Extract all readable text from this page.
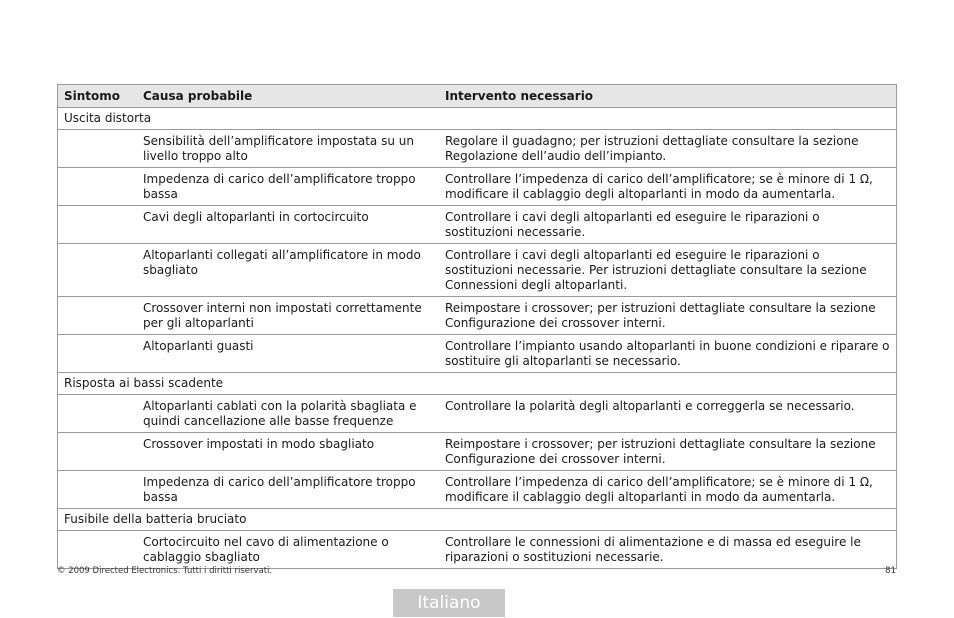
Sintomo	Causa probabile	Intervento necessario
Uscita distorta		
	Sensibilità dell’amplificatore impostata su un livello troppo alto	Regolare il guadagno; per istruzioni dettagliate consultare la sezione Regolazione dell’audio dell’impianto.
	Impedenza di carico dell’amplificatore troppo bassa	Controllare l’impedenza di carico dell’amplificatore; se è minore di 1 Ω, modificare il cablaggio degli altoparlanti in modo da aumentarla.
	Cavi degli altoparlanti in cortocircuito	Controllare i cavi degli altoparlanti ed eseguire le riparazioni o sostituzioni necessarie.
	Altoparlanti collegati all’amplificatore in modo sbagliato	Controllare i cavi degli altoparlanti ed eseguire le riparazioni o sostituzioni necessarie. Per istruzioni dettagliate consultare la sezione Connessioni degli altoparlanti.
	Crossover interni non impostati correttamente per gli altoparlanti	Reimpostare i crossover; per istruzioni dettagliate consultare la sezione Configurazione dei crossover interni.
	Altoparlanti guasti	Controllare l’impianto usando altoparlanti in buone condizioni e riparare o sostituire gli altoparlanti se necessario.
Risposta ai bassi scadente		
	Altoparlanti cablati con la polarità sbagliata e quindi cancellazione alle basse frequenze	Controllare la polarità degli altoparlanti e correggerla se necessario.
	Crossover impostati in modo sbagliato	Reimpostare i crossover; per istruzioni dettagliate consultare la sezione Configurazione dei crossover interni.
	Impedenza di carico dell’amplificatore troppo bassa	Controllare l’impedenza di carico dell’amplificatore; se è minore di 1 Ω, modificare il cablaggio degli altoparlanti in modo da aumentarla.
Fusibile della batteria bruciato		
	Cortocircuito nel cavo di alimentazione o cablaggio sbagliato	Controllare le connessioni di alimentazione e di massa ed eseguire le riparazioni o sostituzioni necessarie.
© 2009 Directed Electronics. Tutti i diritti riservati.	81
Italiano
